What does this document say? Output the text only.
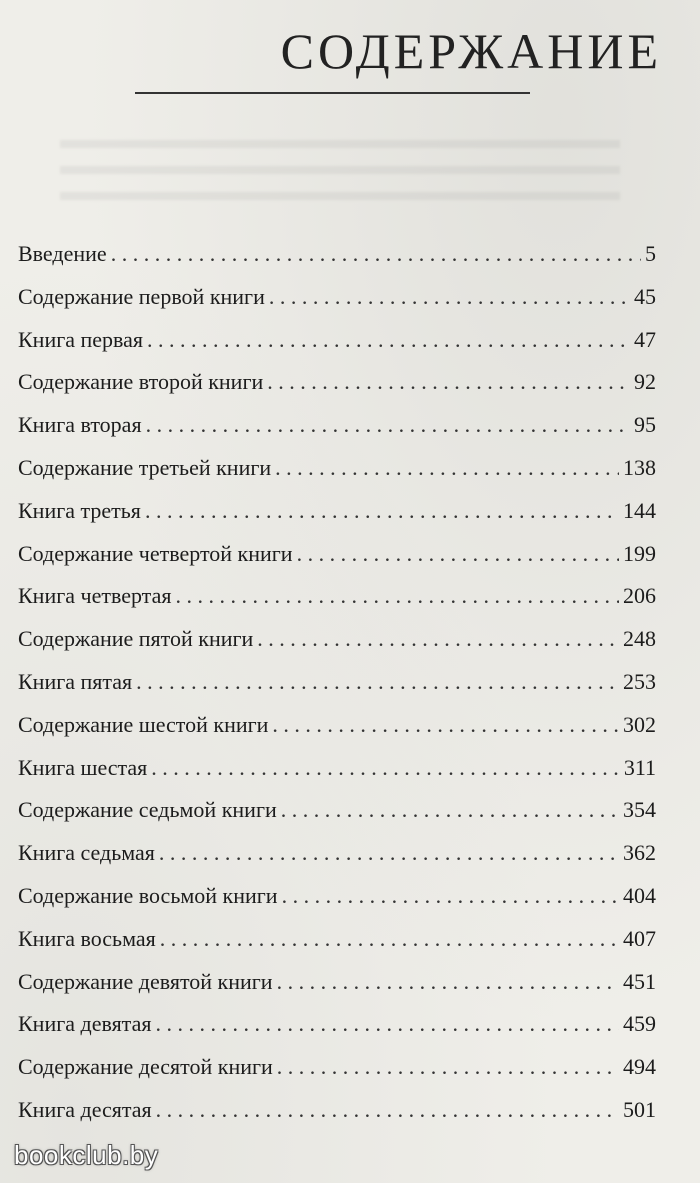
СОДЕРЖАНИЕ
Введение . . .	5
Содержание первой книги . . .	45
Книга первая . . .	47
Содержание второй книги . . .	92
Книга вторая . . .	95
Содержание третьей книги . . .	138
Книга третья . . .	144
Содержание четвертой книги . . .	199
Книга четвертая . . .	206
Содержание пятой книги . . .	248
Книга пятая . . .	253
Содержание шестой книги . . .	302
Книга шестая . . .	311
Содержание седьмой книги . . .	354
Книга седьмая . . .	362
Содержание восьмой книги . . .	404
Книга восьмая . . .	407
Содержание девятой книги . . .	451
Книга девятая . . .	459
Содержание десятой книги . . .	494
Книга десятая . . .	501
bookclub.by
